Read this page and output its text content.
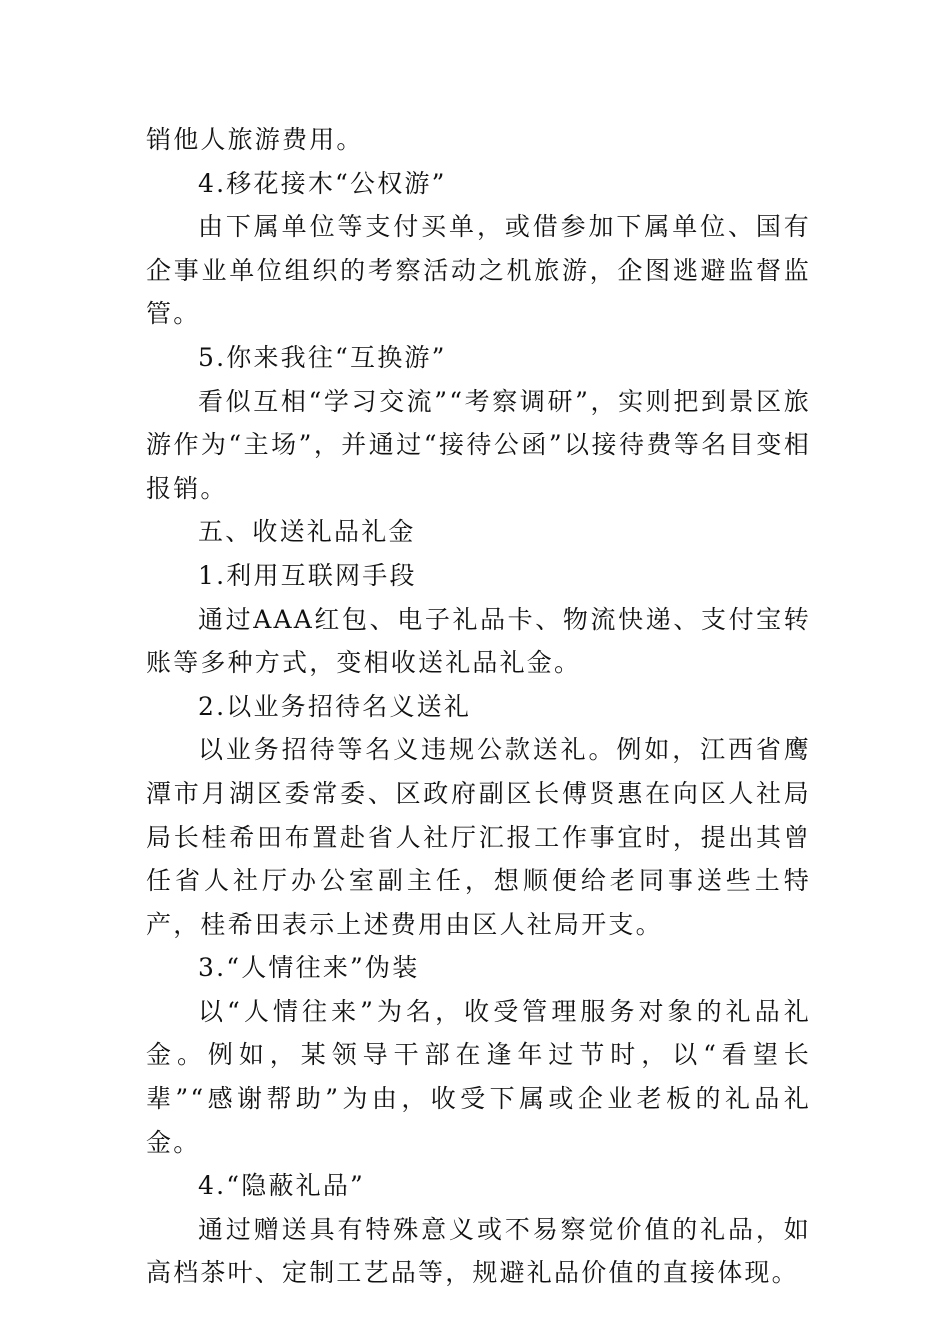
销他人旅游费用。

4.移花接木“公权游”

由下属单位等支付买单，或借参加下属单位、国有企事业单位组织的考察活动之机旅游，企图逃避监督监管。

5.你来我往“互换游”

看似互相“学习交流”“考察调研”，实则把到景区旅游作为“主场”，并通过“接待公函”以接待费等名目变相报销。

五、收送礼品礼金

1.利用互联网手段

通过AAA红包、电子礼品卡、物流快递、支付宝转账等多种方式，变相收送礼品礼金。

2.以业务招待名义送礼

以业务招待等名义违规公款送礼。例如，江西省鹰潭市月湖区委常委、区政府副区长傅贤惠在向区人社局局长桂希田布置赴省人社厅汇报工作事宜时，提出其曾任省人社厅办公室副主任，想顺便给老同事送些土特产，桂希田表示上述费用由区人社局开支。

3.“人情往来”伪装

以“人情往来”为名，收受管理服务对象的礼品礼金。例如，某领导干部在逢年过节时，以“看望长辈”“感谢帮助”为由，收受下属或企业老板的礼品礼金。

4.“隐蔽礼品”

通过赠送具有特殊意义或不易察觉价值的礼品，如高档茶叶、定制工艺品等，规避礼品价值的直接体现。
